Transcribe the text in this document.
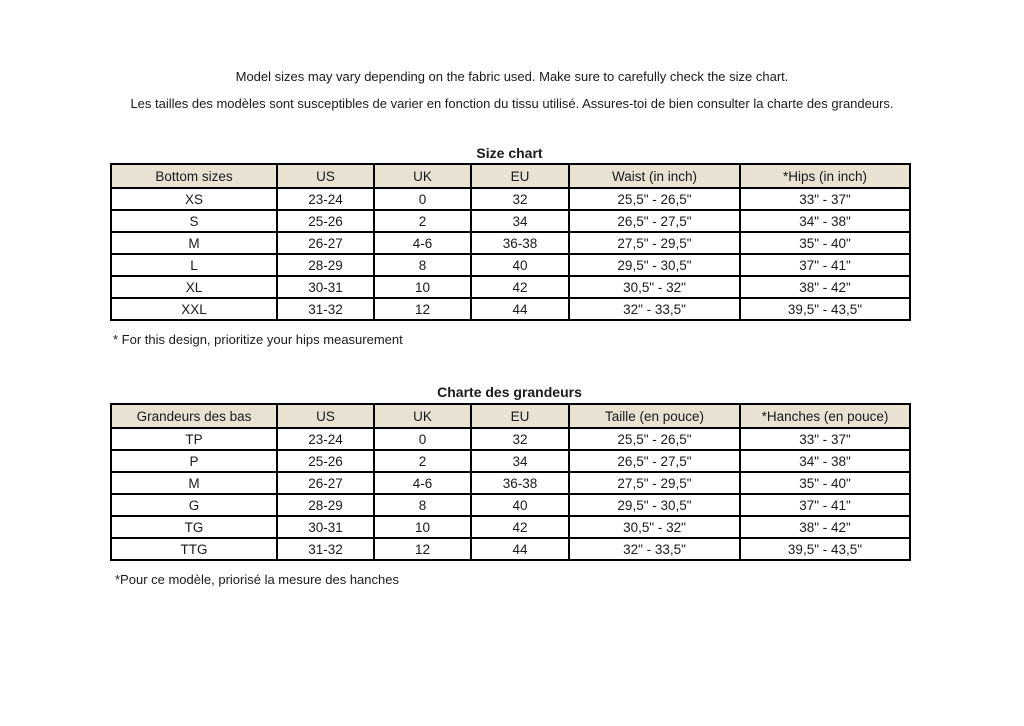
Model sizes may vary depending on the fabric used. Make sure to carefully check the size chart.
Les tailles des modèles sont susceptibles de varier en fonction du tissu utilisé. Assures-toi de bien consulter la charte des grandeurs.
Size chart
Bottom sizes	US	UK	EU	Waist (in inch)	*Hips (in inch)
XS	23-24	0	32	25,5" - 26,5"	33" - 37"
S	25-26	2	34	26,5" - 27,5"	34" - 38"
M	26-27	4-6	36-38	27,5" - 29,5"	35" - 40"
L	28-29	8	40	29,5" - 30,5"	37" - 41"
XL	30-31	10	42	30,5" - 32"	38" - 42"
XXL	31-32	12	44	32" - 33,5"	39,5" - 43,5"
* For this design, prioritize your hips measurement
Charte des grandeurs
Grandeurs des bas	US	UK	EU	Taille (en pouce)	*Hanches (en pouce)
TP	23-24	0	32	25,5" - 26,5"	33" - 37"
P	25-26	2	34	26,5" - 27,5"	34" - 38"
M	26-27	4-6	36-38	27,5" - 29,5"	35" - 40"
G	28-29	8	40	29,5" - 30,5"	37" - 41"
TG	30-31	10	42	30,5" - 32"	38" - 42"
TTG	31-32	12	44	32" - 33,5"	39,5" - 43,5"
*Pour ce modèle, priorisé la mesure des hanches
